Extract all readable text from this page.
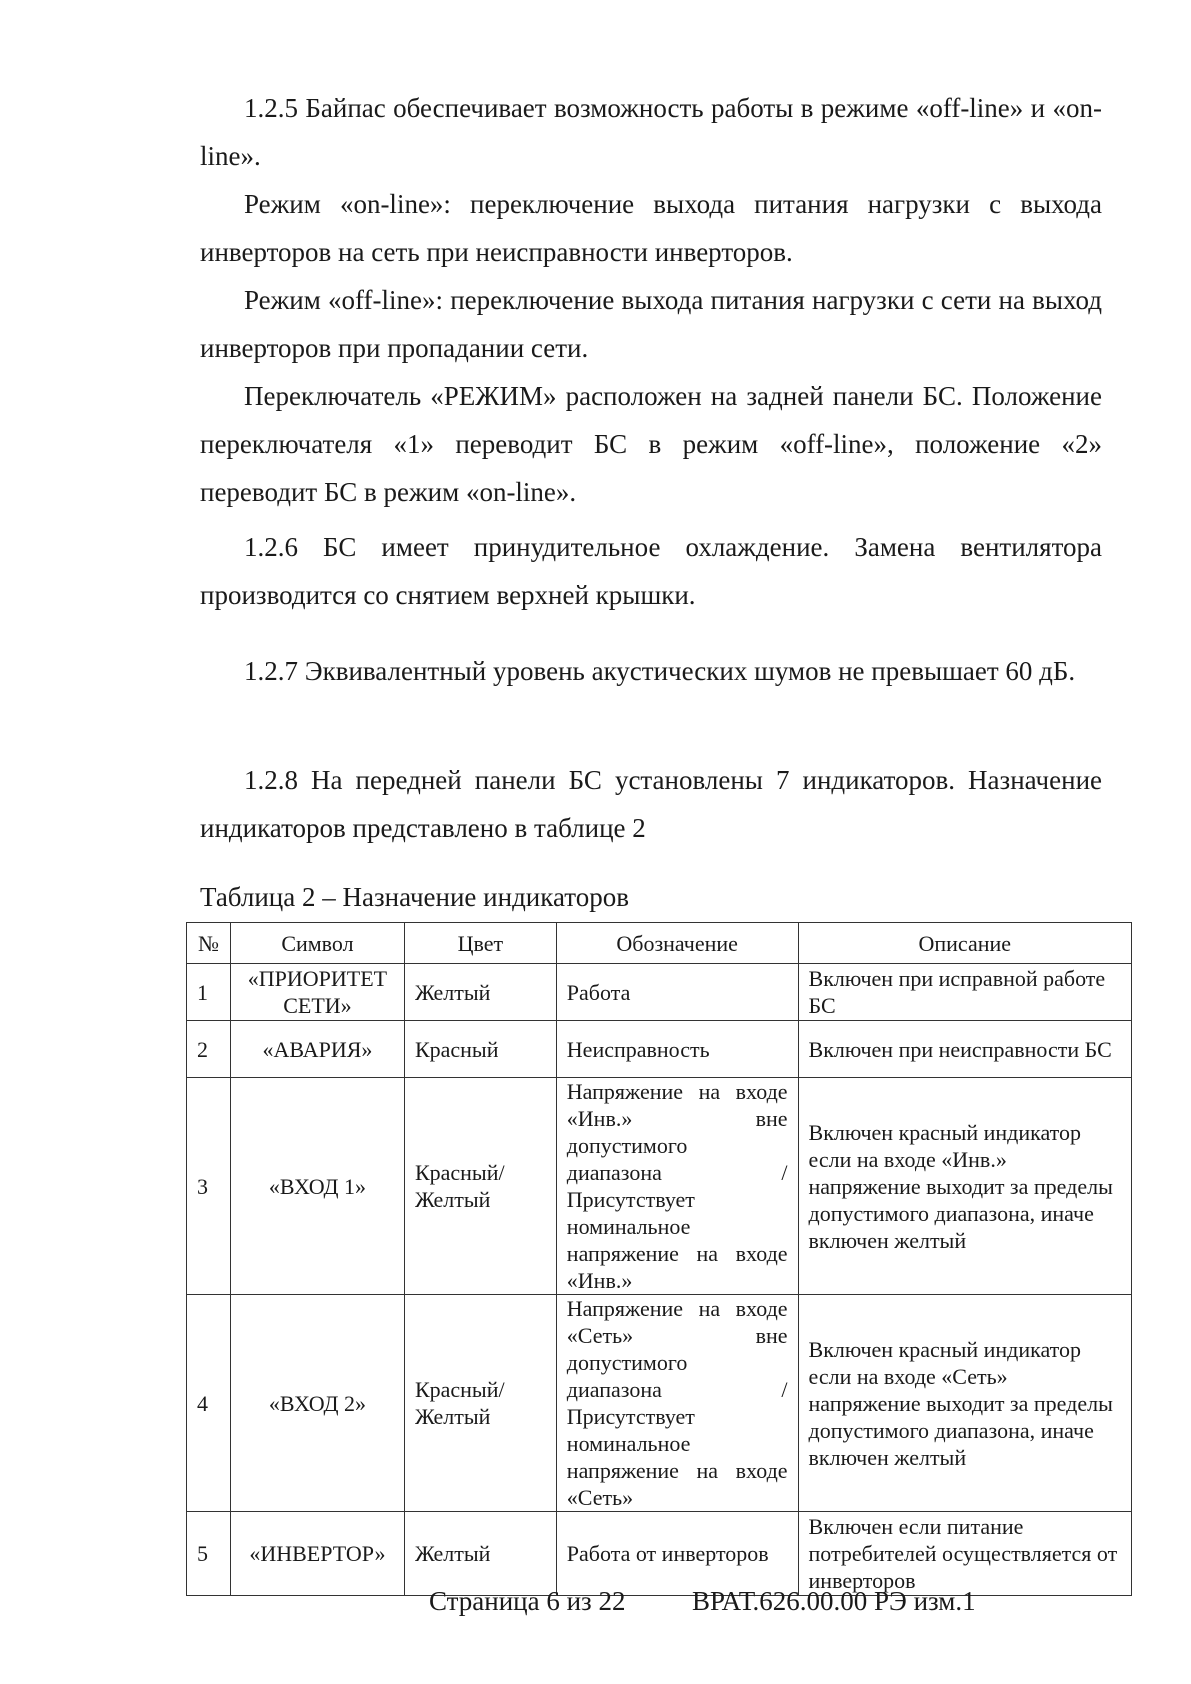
1.2.5 Байпас обеспечивает возможность работы в режиме «off-line» и «on-line».

Режим «on-line»: переключение выхода питания нагрузки с выхода инверторов на сеть при неисправности инверторов.

Режим «off-line»: переключение выхода питания нагрузки с сети на выход инверторов при пропадании сети.

Переключатель «РЕЖИМ» расположен на задней панели БС. Положение переключателя «1» переводит БС в режим «off-line», положение «2» переводит БС в режим «on-line».

1.2.6 БС имеет принудительное охлаждение. Замена вентилятора производится со снятием верхней крышки.

1.2.7 Эквивалентный уровень акустических шумов не превышает 60 дБ.

1.2.8 На передней панели БС установлены 7 индикаторов. Назначение индикаторов представлено в таблице 2

Таблица 2 – Назначение индикаторов

№	Символ	Цвет	Обозначение	Описание
1	«ПРИОРИТЕТ СЕТИ»	Желтый	Работа	Включен при исправной работе БС
2	«АВАРИЯ»	Красный	Неисправность	Включен при неисправности БС
3	«ВХОД 1»	Красный/ Желтый	Напряжение на входе «Инв.» вне допустимого диапазона / Присутствует номинальное напряжение на входе «Инв.»	Включен красный индикатор если на входе «Инв.» напряжение выходит за пределы допустимого диапазона, иначе включен желтый
4	«ВХОД 2»	Красный/ Желтый	Напряжение на входе «Сеть» вне допустимого диапазона / Присутствует номинальное напряжение на входе «Сеть»	Включен красный индикатор если на входе «Сеть» напряжение выходит за пределы допустимого диапазона, иначе включен желтый
5	«ИНВЕРТОР»	Желтый	Работа от инверторов	Включен если питание потребителей осуществляется от инверторов
Страница 6 из 22 ВРАТ.626.00.00 РЭ изм.1
